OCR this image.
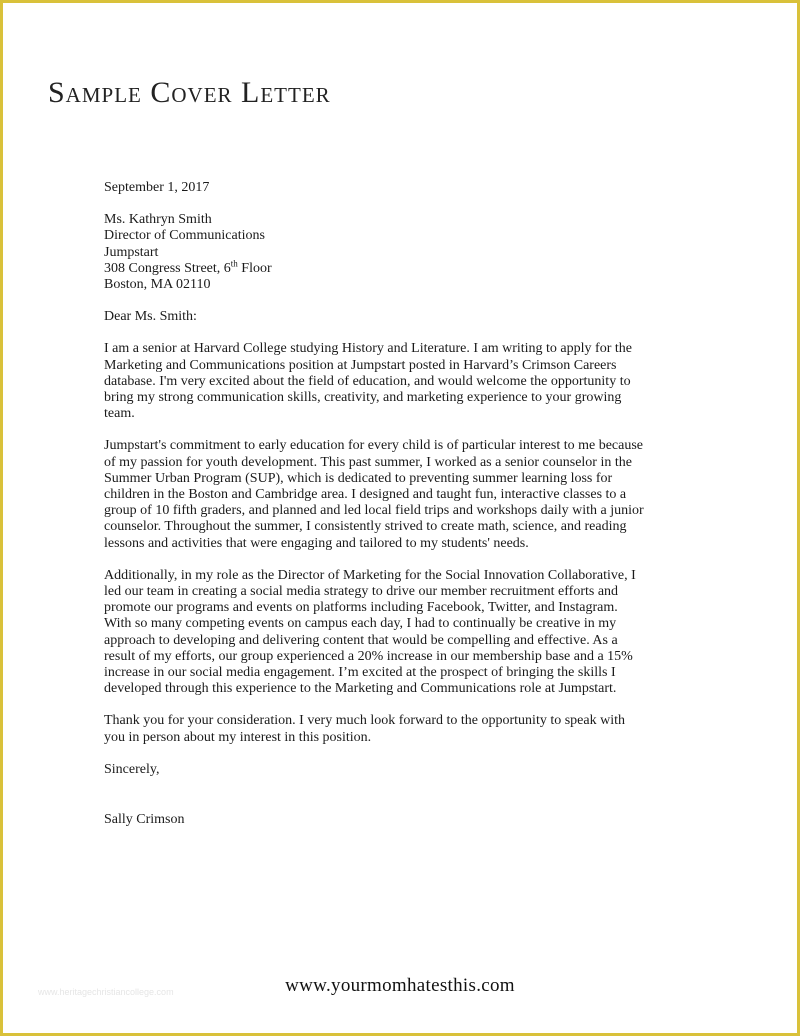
Sample Cover Letter

September 1, 2017

Ms. Kathryn Smith
Director of Communications
Jumpstart
308 Congress Street, 6th Floor
Boston, MA 02110

Dear Ms. Smith:

I am a senior at Harvard College studying History and Literature. I am writing to apply for the
Marketing and Communications position at Jumpstart posted in Harvard’s Crimson Careers
database. I'm very excited about the field of education, and would welcome the opportunity to
bring my strong communication skills, creativity, and marketing experience to your growing
team.

Jumpstart's commitment to early education for every child is of particular interest to me because
of my passion for youth development. This past summer, I worked as a senior counselor in the
Summer Urban Program (SUP), which is dedicated to preventing summer learning loss for
children in the Boston and Cambridge area. I designed and taught fun, interactive classes to a
group of 10 fifth graders, and planned and led local field trips and workshops daily with a junior
counselor. Throughout the summer, I consistently strived to create math, science, and reading
lessons and activities that were engaging and tailored to my students' needs.

Additionally, in my role as the Director of Marketing for the Social Innovation Collaborative, I
led our team in creating a social media strategy to drive our member recruitment efforts and
promote our programs and events on platforms including Facebook, Twitter, and Instagram.
With so many competing events on campus each day, I had to continually be creative in my
approach to developing and delivering content that would be compelling and effective. As a
result of my efforts, our group experienced a 20% increase in our membership base and a 15%
increase in our social media engagement. I’m excited at the prospect of bringing the skills I
developed through this experience to the Marketing and Communications role at Jumpstart.

Thank you for your consideration. I very much look forward to the opportunity to speak with
you in person about my interest in this position.

Sincerely,

Sally Crimson

www.heritagechristiancollege.com	www.yourmomhatesthis.com
